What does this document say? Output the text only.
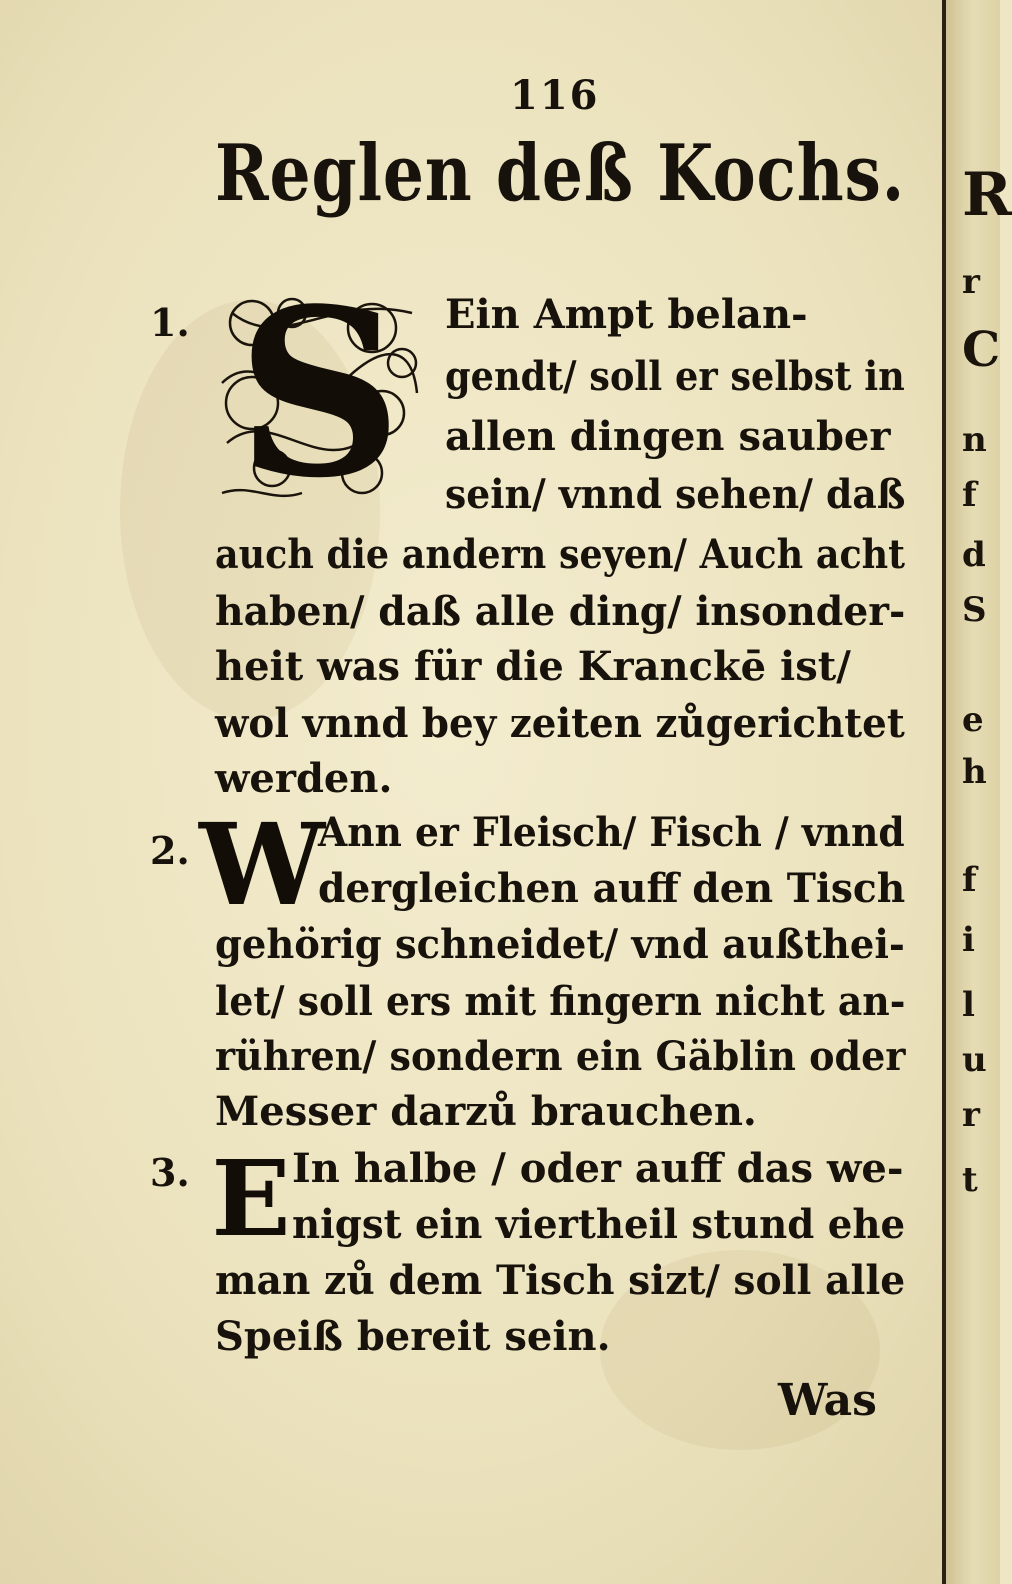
116
Reglen deß Kochs.
1. S Ein Ampt belan-
gendt/ soll er selbst in
allen dingen sauber
sein/ vnnd sehen/ daß
auch die andern seyen/ Auch acht
haben/ daß alle ding/ insonder-
heit was für die Kranckē ist/
wol vnnd bey zeiten zůgerichtet
werden.
2. W
Ann er Fleisch/ Fisch / vnnd
dergleichen auff den Tisch
gehörig schneidet/ vnd außthei-
let/ soll ers mit fingern nicht an-
rühren/ sondern ein Gäblin oder
Messer darzů brauchen.
3. E In halbe / oder auff das we-
nigst ein viertheil stund ehe
man zů dem Tisch sizt/ soll alle
Speiß bereit sein.
Was
R
r
C
n
f
d
S
e
h
f
i
l
u
r
t
